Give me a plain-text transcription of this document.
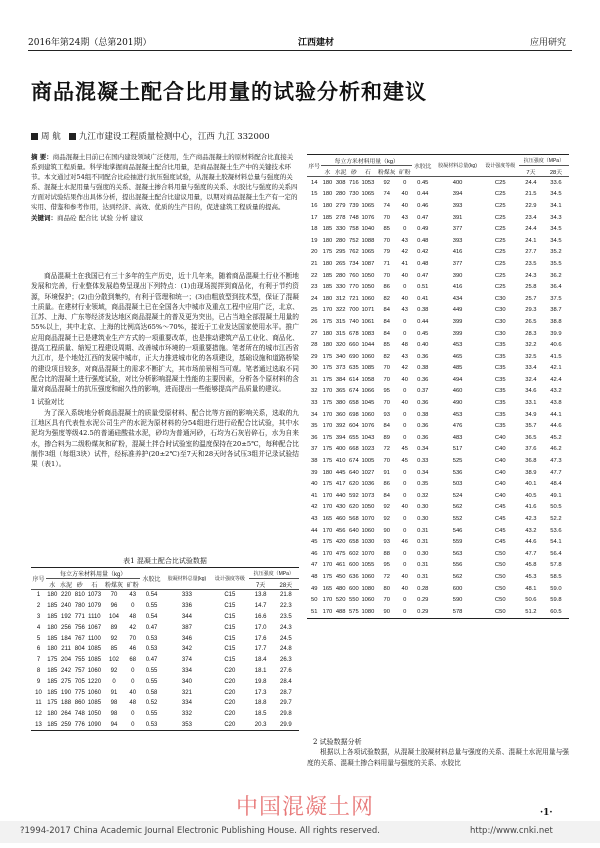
2016年第24期（总第201期）	江西建材	应用研究
商品混凝土配合比用量的试验分析和建议
周 航 九江市建设工程质量检测中心，江西 九江 332000

摘 要：商品混凝土目前已在国内建设领域广泛使用，生产商品混凝土的原材料配合比直接关系到建筑工程质量。科学地掌握商品混凝土配合比用量，是商品混凝土生产中的关键技术环节。本文通过对54组不同配合比砼抽进行抗压强度试验，从混凝土胶凝材料总量与强度的关系、混凝土水泥用量与强度的关系、混凝土掺合料用量与强度的关系、水胶比与强度的关系四方面对试验结果作出具体分析，提出混凝土配合比建议用量，以期对商品混凝土生产有一定的实用、借鉴和参考作用，达到经济、高效、优质的生产目的，促进建筑工程质量的提高。

关键词：商品砼 配合比 试验 分析 建议

商品混凝土在我国已有三十多年的生产历史，近十几年来，随着商品混凝土行业不断地发展和完善，行业整体发展趋势呈现出下列特点：(1)由现场搅拌到商品化，有利于节约资源，环境保护；(2)由分散到集约，有利于管理和统一；(3)由粗放型到技术型，保证了混凝土质量。在建材行业领域，商品混凝土已在全国各大中城市及重点工程中应用广泛，北京、江苏、上海、广东等经济发达地区商品混凝土的普及更为突出，已占当地全部混凝土用量的55%以上，其中北京、上海的比例高达65%～70%，接近于工业发达国家使用水平。推广应用商品混凝土已是建筑业生产方式的一项重要改革，也是推动建筑产品工业化、商品化、提高工程质量、缩短工程建设周期、改善城市环境的一项重要措施。笔者所在的城市江西省九江市，是个地处江西的发展中城市，正大力推进城市化的各项建设，基础设施和道路桥梁的建设项目较多，对商品混凝土的需求不断扩大，其市场前景相当可观。笔者通过选取不同配合比的混凝土进行强度试验，对比分析影响混凝土性能的主要因素，分析各个原材料的含量对商品混凝土的抗压强度和耐久性的影响，进而提出一些能够提高产品质量的建议。

1 试验对比

为了深入系统地分析商品混凝土的质量受原材料、配合比等方面的影响关系，选取的九江地区具有代表性水泥公司生产的水泥为原材料的分54组进行进行砼配合比试验，其中水泥均为强度等级42.5的普通硅酸盐水泥，砂均为普通河砂，石均为石灰岩碎石，水为自来水，掺合料为二级粉煤灰和矿粉，混凝土拌合时试验室的温度保持在20±5℃，每种配合比制作3组（每组3块）试件，经标准养护(20±2℃)至7天和28天时各试压3组并记录试验结果（表1）。

表1 混凝土配合比试验数据
序号	每立方米材料用量（kg）						水胶比	胶凝材料总量(kg)	设计强度等级	抗压强度（MPa）	
	水	水泥	砂	石	粉煤灰	矿粉				7天	28天
1	180	220	810	1073	70	43	0.54	333	C15	13.8	21.8
2	185	240	780	1079	96	0	0.55	336	C15	14.7	22.3
3	185	192	771	1110	104	48	0.54	344	C15	16.6	23.5
4	180	256	756	1067	89	42	0.47	387	C15	17.0	24.3
5	185	184	767	1100	92	70	0.53	346	C15	17.6	24.5
6	180	211	804	1085	85	46	0.53	342	C15	17.7	24.8
7	175	204	755	1085	102	68	0.47	374	C15	18.4	26.3
8	185	242	757	1060	92	0	0.55	334	C20	18.1	27.6
9	185	275	705	1220	0	0	0.55	340	C20	19.8	28.4
10	185	190	775	1060	91	40	0.58	321	C20	17.3	28.7
11	175	188	860	1085	98	48	0.52	334	C20	18.8	29.7
12	180	264	748	1050	98	0	0.55	332	C20	18.5	29.8
13	185	259	776	1090	94	0	0.53	353	C20	20.3	29.9
序号	每立方米材料用量（kg）						水胶比	胶凝材料总量(kg)	设计强度等级	抗压强度（MPa）	
	水	水泥	砂	石	粉煤灰	矿粉				7天	28天
14	180	308	716	1053	92	0	0.45	400	C25	24.4	33.6
15	180	280	730	1065	74	40	0.44	394	C25	21.5	34.5
16	180	279	739	1065	74	40	0.46	393	C25	22.9	34.1
17	185	278	748	1076	70	43	0.47	391	C25	23.4	34.3
18	185	330	758	1040	85	0	0.49	377	C25	24.4	34.5
19	180	280	752	1088	70	43	0.48	393	C25	24.1	34.5
20	175	295	762	1065	79	42	0.42	416	C25	27.7	35.2
21	180	265	734	1087	71	41	0.48	377	C25	23.5	35.5
22	185	280	760	1050	70	40	0.47	390	C25	24.3	36.2
23	185	330	770	1050	86	0	0.51	416	C25	25.8	36.4
24	180	312	721	1060	82	40	0.41	434	C30	25.7	37.5
25	170	322	700	1071	84	43	0.38	449	C30	29.3	38.7
26	175	315	740	1061	84	0	0.44	399	C30	26.5	38.8
27	180	315	678	1083	84	0	0.45	399	C30	28.3	39.9
28	180	320	660	1044	85	48	0.40	453	C35	32.2	40.6
29	175	340	690	1060	82	43	0.36	465	C35	32.5	41.5
30	175	373	635	1085	70	42	0.38	485	C35	33.4	42.1
31	175	384	614	1058	70	40	0.36	494	C35	32.4	42.4
32	170	365	674	1066	95	0	0.37	460	C35	34.6	43.2
33	175	380	658	1045	70	40	0.36	490	C35	33.1	43.8
34	170	360	698	1060	93	0	0.38	453	C35	34.9	44.1
35	170	392	604	1076	84	0	0.36	476	C35	35.7	44.6
36	175	394	655	1043	89	0	0.36	483	C40	36.5	45.2
37	175	400	668	1023	72	45	0.34	517	C40	37.6	46.2
38	175	410	674	1005	70	45	0.33	525	C40	36.8	47.3
39	180	445	640	1027	91	0	0.34	536	C40	38.9	47.7
40	175	417	620	1036	86	0	0.35	503	C40	40.1	48.4
41	170	440	592	1073	84	0	0.32	524	C40	40.5	49.1
42	170	430	620	1050	92	40	0.30	562	C45	41.6	50.5
43	165	460	568	1070	92	0	0.30	552	C45	42.3	52.2
44	170	456	640	1060	90	0	0.31	546	C45	43.2	53.6
45	175	420	658	1030	93	46	0.31	559	C45	44.6	54.1
46	170	475	602	1070	88	0	0.30	563	C50	47.7	56.4
47	170	461	600	1055	95	0	0.31	556	C50	45.8	57.8
48	175	450	636	1060	72	40	0.31	562	C50	45.3	58.5
49	165	480	600	1080	80	40	0.28	600	C50	48.1	59.0
50	170	520	550	1060	70	0	0.29	590	C50	50.6	59.8
51	170	488	575	1080	90	0	0.29	578	C50	51.2	60.5
2 试验数据分析

根据以上各项试验数据，从混凝土胶凝材料总量与强度的关系、混凝土水泥用量与强度的关系、混凝土掺合料用量与强度的关系、水胶比

中国混凝土网	·1·
?1994-2017 China Academic Journal Electronic Publishing House. All rights reserved.	http://www.cnki.net
